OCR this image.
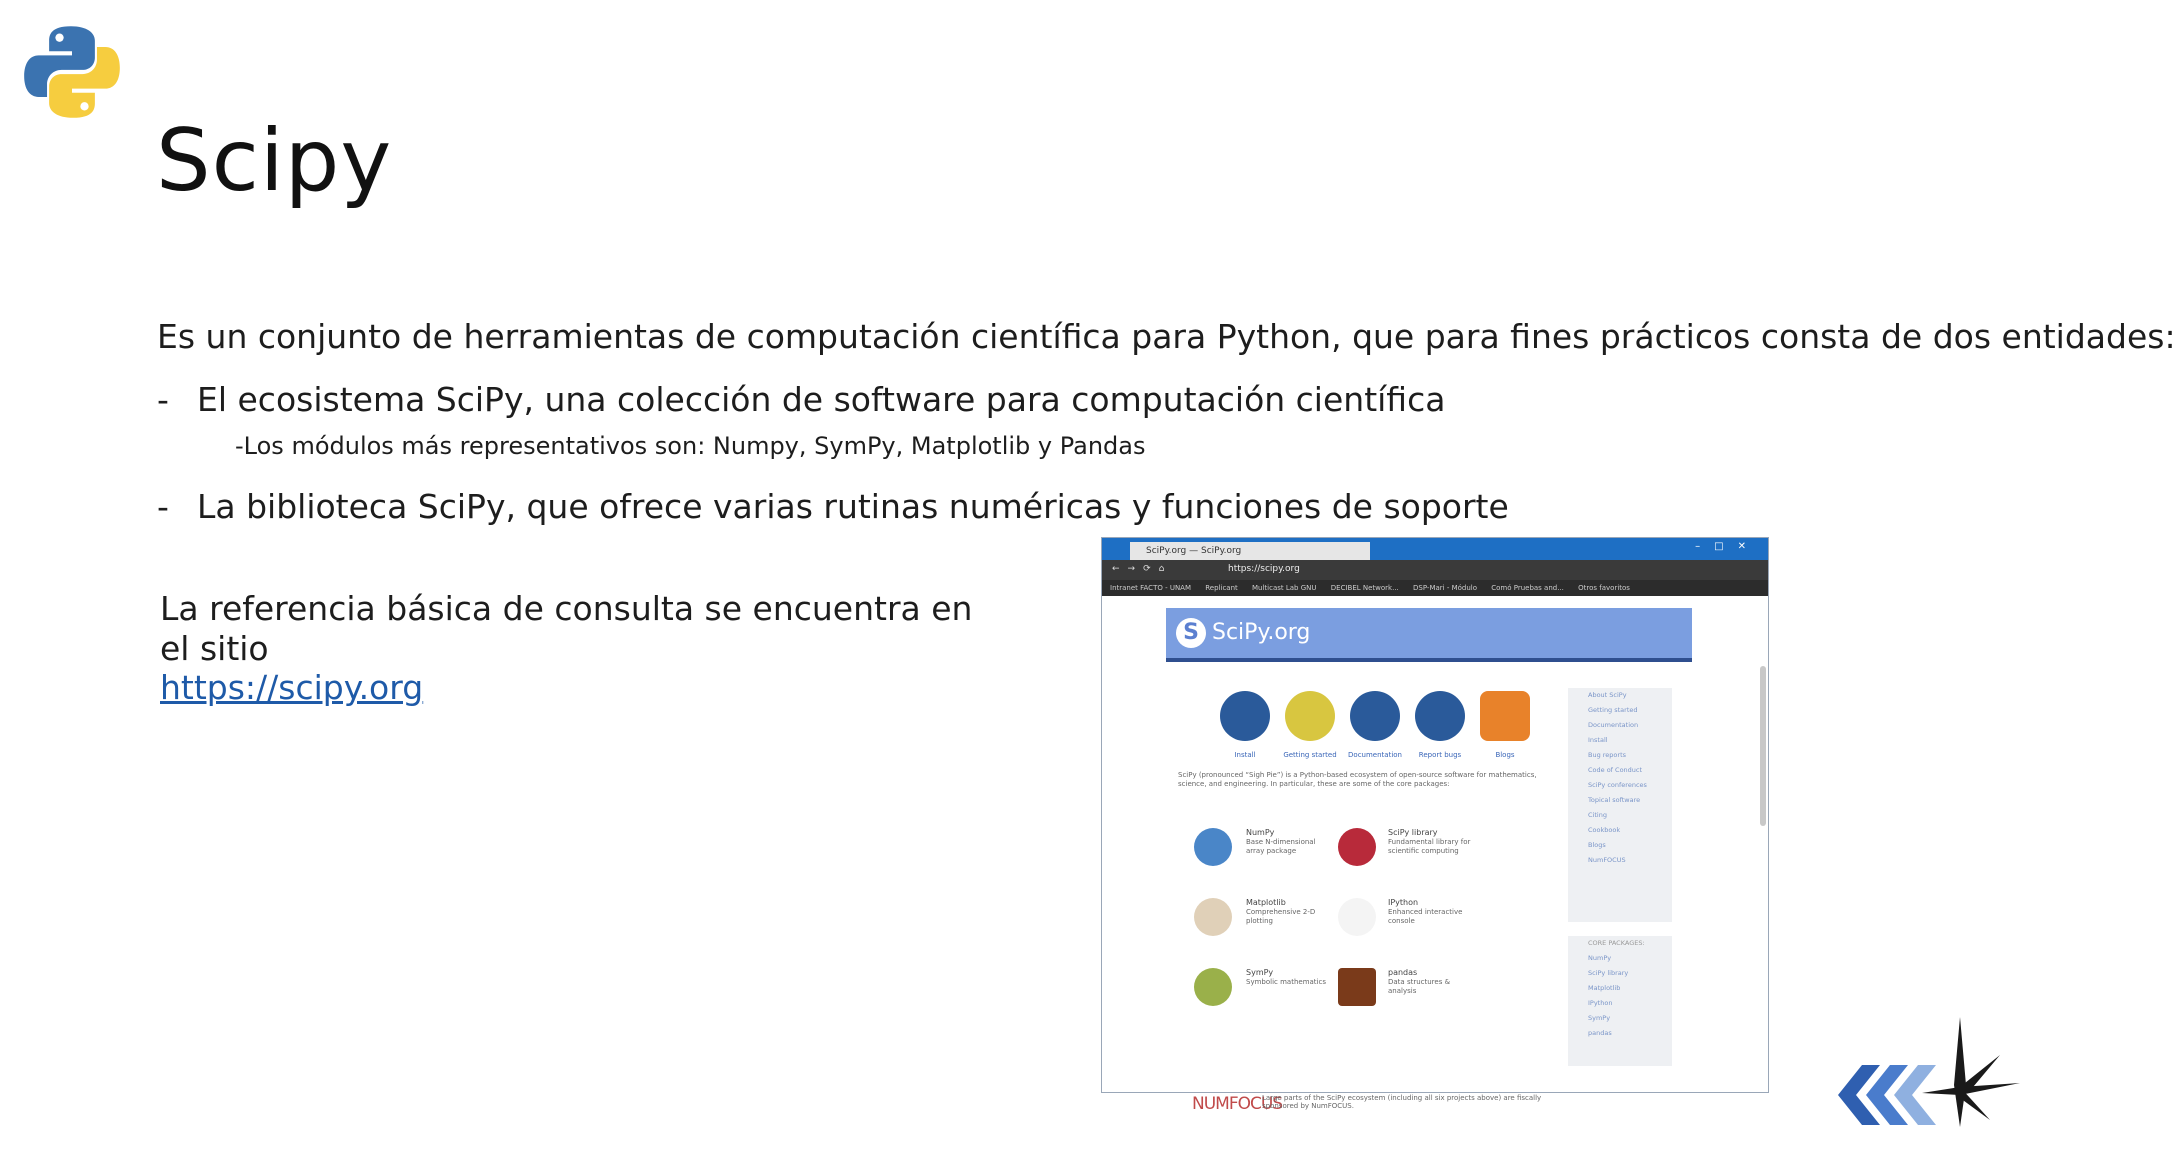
Scipy
Es un conjunto de herramientas de computación científica para Python, que para fines prácticos consta de dos entidades:
- El ecosistema SciPy, una colección de software para computación científica
-Los módulos más representativos son: Numpy, SymPy, Matplotlib y Pandas
- La biblioteca SciPy, que ofrece varias rutinas numéricas y funciones de soporte
La referencia básica de consulta se encuentra en el sitio
https://scipy.org
SciPy.org — SciPy.org	–□✕
←→⟳⌂	https://scipy.org
Intranet FACTO - UNAM Replicant Multicast Lab GNU DECIBEL Network... DSP-Mari - Módulo Comó Pruebas and... Otros favoritos
S
SciPy.org
Install	Getting started	Documentation	Report bugs	Blogs
SciPy (pronounced “Sigh Pie”) is a Python-based ecosystem of open-source software for mathematics, science, and engineering. In particular, these are some of the core packages:
NumPy
Base N-dimensional array package
SciPy library
Fundamental library for scientific computing
Matplotlib
Comprehensive 2-D plotting
IPython
Enhanced interactive console
SymPy
Symbolic mathematics
pandas
Data structures & analysis
About SciPy
Getting started
Documentation
Install
Bug reports
Code of Conduct
SciPy conferences
Topical software
Citing
Cookbook
Blogs
NumFOCUS
CORE PACKAGES:
NumPy
SciPy library
Matplotlib
IPython
SymPy
pandas
NUMFOCUS
Large parts of the SciPy ecosystem (including all six projects above) are fiscally sponsored by NumFOCUS.
